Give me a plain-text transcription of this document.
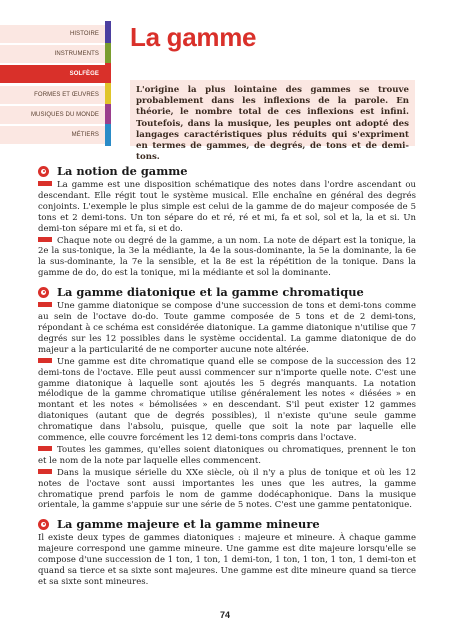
HISTOIRE
INSTRUMENTS
SOLFÈGE
FORMES ET ŒUVRES
MUSIQUES DU MONDE
MÉTIERS
La gamme
L'origine la plus lointaine des gammes se trouve probablement dans les inflexions de la parole. En théorie, le nombre total de ces inflexions est infini. Toutefois, dans la musique, les peuples ont adopté des langages caractéristiques plus réduits qui s'expriment en termes de gammes, de degrés, de tons et de demi-tons.
La notion de gamme

La gamme est une disposition schématique des notes dans l'ordre ascendant ou descendant. Elle régit tout le système musical. Elle enchaîne en général des degrés conjoints. L'exemple le plus simple est celui de la gamme de do majeur composée de 5 tons et 2 demi-tons. Un ton sépare do et ré, ré et mi, fa et sol, sol et la, la et si. Un demi-ton sépare mi et fa, si et do.

Chaque note ou degré de la gamme, a un nom. La note de départ est la tonique, la 2e la sus-tonique, la 3e la médiante, la 4e la sous-dominante, la 5e la dominante, la 6e la sus-dominante, la 7e la sensible, et la 8e est la répétition de la tonique. Dans la gamme de do, do est la tonique, mi la médiante et sol la dominante.

La gamme diatonique et la gamme chromatique

Une gamme diatonique se compose d'une succession de tons et demi-tons comme au sein de l'octave do-do. Toute gamme composée de 5 tons et de 2 demi-tons, répondant à ce schéma est considérée diatonique. La gamme diatonique n'utilise que 7 degrés sur les 12 possibles dans le système occidental. La gamme diatonique de do majeur a la particularité de ne comporter aucune note altérée.

Une gamme est dite chromatique quand elle se compose de la succession des 12 demi-tons de l'octave. Elle peut aussi commencer sur n'importe quelle note. C'est une gamme diatonique à laquelle sont ajoutés les 5 degrés manquants. La notation mélodique de la gamme chromatique utilise généralement les notes « diésées » en montant et les notes « bémolisées » en descendant. S'il peut exister 12 gammes diatoniques (autant que de degrés possibles), il n'existe qu'une seule gamme chromatique dans l'absolu, puisque, quelle que soit la note par laquelle elle commence, elle couvre forcément les 12 demi-tons compris dans l'octave.

Toutes les gammes, qu'elles soient diatoniques ou chromatiques, prennent le ton et le nom de la note par laquelle elles commencent.

Dans la musique sérielle du XXe siècle, où il n'y a plus de tonique et où les 12 notes de l'octave sont aussi importantes les unes que les autres, la gamme chromatique prend parfois le nom de gamme dodécaphonique. Dans la musique orientale, la gamme s'appuie sur une série de 5 notes. C'est une gamme pentatonique.

La gamme majeure et la gamme mineure

Il existe deux types de gammes diatoniques : majeure et mineure. À chaque gamme majeure correspond une gamme mineure. Une gamme est dite majeure lorsqu'elle se compose d'une succession de 1 ton, 1 ton, 1 demi-ton, 1 ton, 1 ton, 1 ton, 1 demi-ton et quand sa tierce et sa sixte sont majeures. Une gamme est dite mineure quand sa tierce et sa sixte sont mineures.

74
